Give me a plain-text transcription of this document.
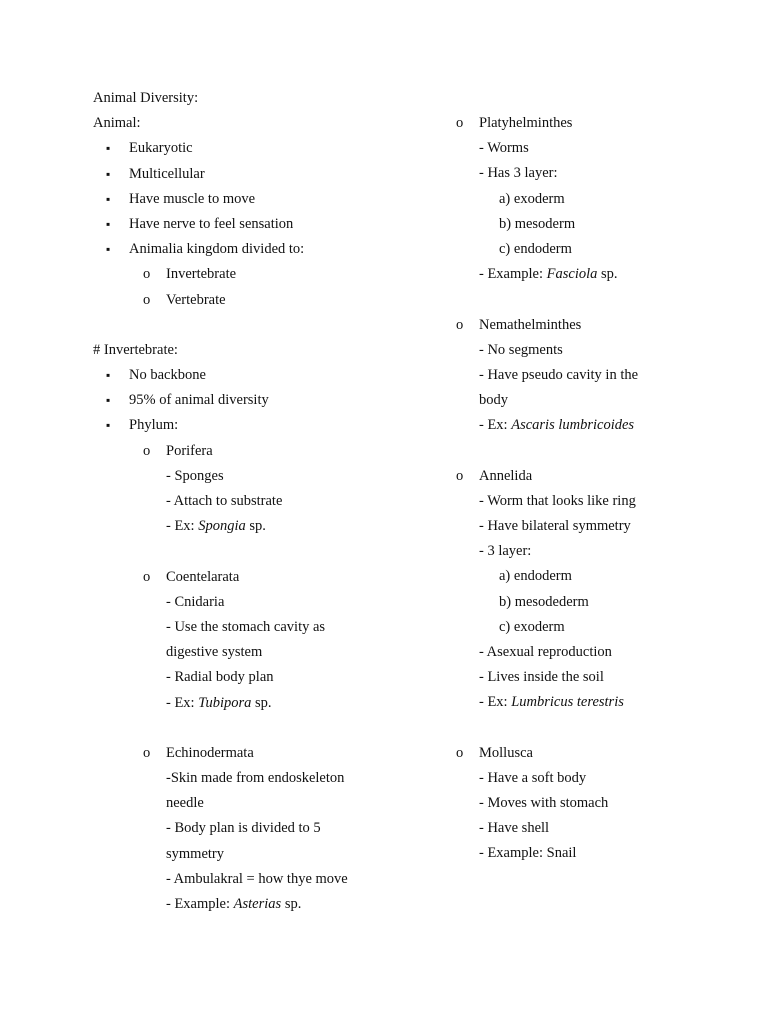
Animal Diversity:
Animal:
▪ Eukaryotic
▪ Multicellular
▪ Have muscle to move
▪ Have nerve to feel sensation
▪ Animalia kingdom divided to:
o Invertebrate
o Vertebrate
# Invertebrate:
▪ No backbone
▪ 95% of animal diversity
▪ Phylum:
o Porifera
- Sponges
- Attach to substrate
- Ex: Spongia sp.
o Coentelarata
- Cnidaria
- Use the stomach cavity as
digestive system
- Radial body plan
- Ex: Tubipora sp.
o Echinodermata
-Skin made from endoskeleton
needle
- Body plan is divided to 5
symmetry
- Ambulakral = how thye move
- Example: Asterias sp.
o Platyhelminthes
- Worms
- Has 3 layer:
a) exoderm
b) mesoderm
c) endoderm
- Example: Fasciola sp.
o Nemathelminthes
- No segments
- Have pseudo cavity in the
body
- Ex: Ascaris lumbricoides
o Annelida
- Worm that looks like ring
- Have bilateral symmetry
- 3 layer:
a) endoderm
b) mesodederm
c) exoderm
- Asexual reproduction
- Lives inside the soil
- Ex: Lumbricus terestris
o Mollusca
- Have a soft body
- Moves with stomach
- Have shell
- Example: Snail
